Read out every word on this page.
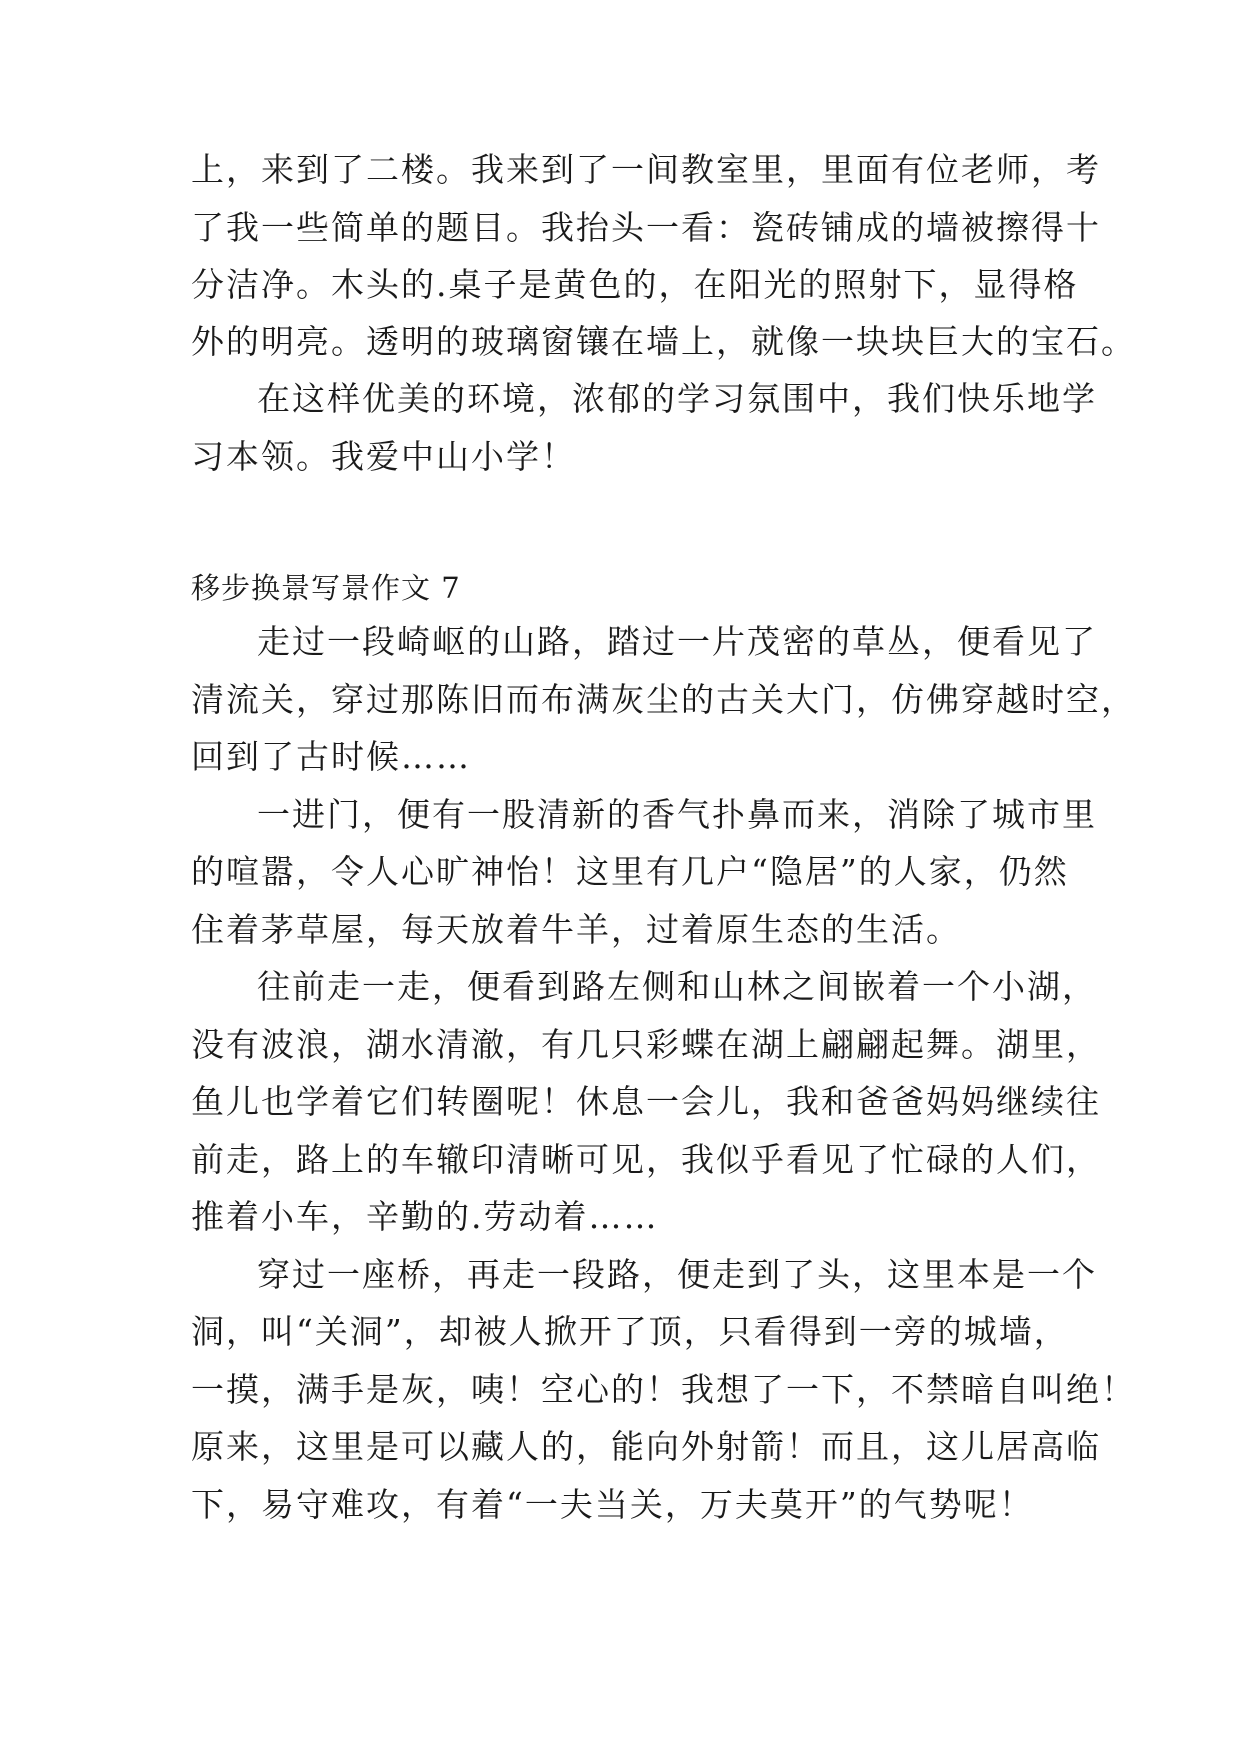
上，来到了二楼。我来到了一间教室里，里面有位老师，考
了我一些简单的题目。我抬头一看：瓷砖铺成的墙被擦得十
分洁净。木头的.桌子是黄色的，在阳光的照射下，显得格
外的明亮。透明的玻璃窗镶在墙上，就像一块块巨大的宝石。
在这样优美的环境，浓郁的学习氛围中，我们快乐地学
习本领。我爱中山小学！
移步换景写景作文 7
走过一段崎岖的山路，踏过一片茂密的草丛，便看见了
清流关，穿过那陈旧而布满灰尘的古关大门，仿佛穿越时空，
回到了古时候……
一进门，便有一股清新的香气扑鼻而来，消除了城市里
的喧嚣，令人心旷神怡！这里有几户“隐居”的人家，仍然
住着茅草屋，每天放着牛羊，过着原生态的生活。
往前走一走，便看到路左侧和山林之间嵌着一个小湖，
没有波浪，湖水清澈，有几只彩蝶在湖上翩翩起舞。湖里，
鱼儿也学着它们转圈呢！休息一会儿，我和爸爸妈妈继续往
前走，路上的车辙印清晰可见，我似乎看见了忙碌的人们，
推着小车，辛勤的.劳动着……
穿过一座桥，再走一段路，便走到了头，这里本是一个
洞，叫“关洞”，却被人掀开了顶，只看得到一旁的城墙，
一摸，满手是灰，咦！空心的！我想了一下，不禁暗自叫绝！
原来，这里是可以藏人的，能向外射箭！而且，这儿居高临
下，易守难攻，有着“一夫当关，万夫莫开”的气势呢！
